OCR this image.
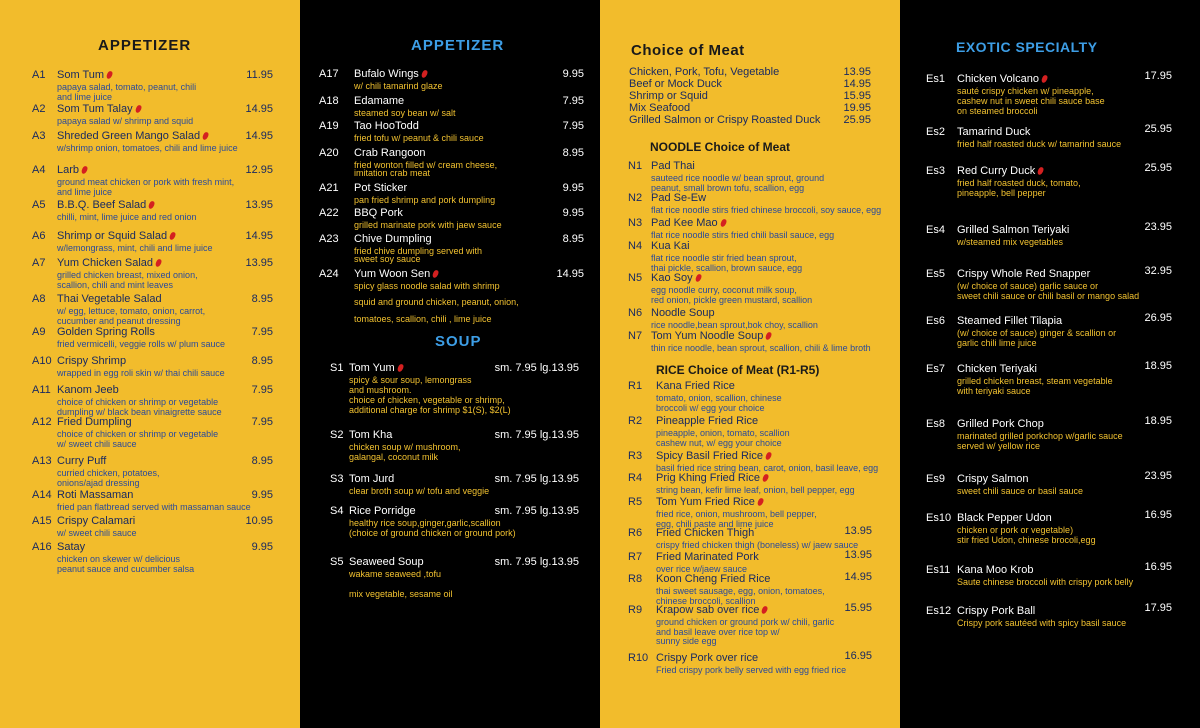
APPETIZER
A1 Som Tum	11.95
papaya salad, tomato, peanut, chili
and lime juice
A2 Som Tum Talay	14.95
papaya salad w/ shrimp and squid
A3 Shreded Green Mango Salad	14.95
w/shrimp onion, tomatoes, chili and lime juice
A4 Larb	12.95
ground meat chicken or pork with fresh mint,
and lime juice
A5 B.B.Q. Beef Salad	13.95
chilli, mint, lime juice and red onion
A6 Shrimp or Squid Salad	14.95
w/lemongrass, mint, chili and lime juice
A7 Yum Chicken Salad	13.95
grilled chicken breast, mixed onion,
scallion, chili and mint leaves
A8 Thai Vegetable Salad	8.95
w/ egg, lettuce, tomato, onion, carrot,
cucumber and peanut dressing
A9 Golden Spring Rolls	7.95
fried vermicelli, veggie rolls w/ plum sauce
A10 Crispy Shrimp	8.95
wrapped in egg roli skin w/ thai chili sauce
A11 Kanom Jeeb	7.95
choice of chicken or shrimp or vegetable
dumpling w/ black bean vinaigrette sauce
A12 Fried Dumpling	7.95
choice of chicken or shrimp or vegetable
w/ sweet chili sauce
A13 Curry Puff	8.95
curried chicken, potatoes,
onions/ajad dressing
A14 Roti Massaman	9.95
fried pan flatbread served with massaman sauce
A15 Crispy Calamari	10.95
w/ sweet chili sauce
A16 Satay	9.95
chicken on skewer w/ delicious
peanut sauce and cucumber salsa
APPETIZER
A17 Bufalo Wings	9.95
w/ chili tamarind glaze
A18 Edamame	7.95
steamed soy bean w/ salt
A19 Tao HooTodd	7.95
fried tofu w/ peanut & chili sauce
A20 Crab Rangoon	8.95
fried wonton filled w/ cream cheese,
imitation crab meat
A21 Pot Sticker	9.95
pan fried shrimp and pork dumpling
A22 BBQ Pork	9.95
grilled marinate pork with jaew sauce
A23 Chive Dumpling	8.95
fried chive dumpling served with
sweet soy sauce
A24 Yum Woon Sen	14.95
spicy glass noodle salad with shrimp
squid and ground chicken, peanut, onion,
tomatoes, scallion, chili , lime juice
SOUP
S1 Tom Yum	sm. 7.95 lg.13.95
spicy & sour soup, lemongrass
and mushroom.
choice of chicken, vegetable or shrimp,
additional charge for shrimp $1(S), $2(L)
S2 Tom Kha	sm. 7.95 lg.13.95
chicken soup w/ mushroom,
galangal, coconut milk
S3 Tom Jurd	sm. 7.95 lg.13.95
clear broth soup w/ tofu and veggie
S4 Rice Porridge	sm. 7.95 lg.13.95
healthy rice soup,ginger,garlic,scallion
(choice of ground chicken or ground pork)
S5 Seaweed Soup	sm. 7.95 lg.13.95
wakame seaweed ,tofu
mix vegetable, sesame oil
Choice of Meat
Chicken, Pork, Tofu, Vegetable	13.95
Beef or Mock Duck	14.95
Shrimp or Squid	15.95
Mix Seafood	19.95
Grilled Salmon or Crispy Roasted Duck 25.95
NOODLE Choice of Meat
N1 Pad Thai
sauteed rice noodle w/ bean sprout, ground
peanut, small brown tofu, scallion, egg
N2 Pad Se-Ew
flat rice noodle stirs fried chinese broccoli, soy sauce, egg
N3 Pad Kee Mao
flat rice noodle stirs fried chili basil sauce, egg
N4 Kua Kai
flat rice noodle stir fried bean sprout,
thai pickle, scallion, brown sauce, egg
N5 Kao Soy
egg noodle curry, coconut milk soup,
red onion, pickle green mustard, scallion
N6 Noodle Soup
rice noodle,bean sprout,bok choy, scallion
N7 Tom Yum Noodle Soup
thin rice noodle, bean sprout, scallion, chili & lime broth
RICE Choice of Meat (R1-R5)
R1 Kana Fried Rice
tomato, onion, scallion, chinese
broccoli w/ egg your choice
R2 Pineapple Fried Rice
pineapple, onion, tomato, scallion
cashew nut, w/ egg your choice
R3 Spicy Basil Fried Rice
basil fried rice string bean, carot, onion, basil leave, egg
R4 Prig Khing Fried Rice
string bean, kefir lime leaf, onion, bell pepper, egg
R5 Tom Yum Fried Rice
fried rice, onion, mushroom, bell pepper,
egg, chili paste and lime juice
R6 Fried Chicken Thigh	13.95
crispy fried chicken thigh (boneless) w/ jaew sauce
R7 Fried Marinated Pork	13.95
over rice w/jaew sauce
R8 Koon Cheng Fried Rice	14.95
thai sweet sausage, egg, onion, tomatoes,
chinese broccoli, scallion
R9 Krapow sab over rice	15.95
ground chicken or ground pork w/ chili, garlic
and basil leave over rice top w/
sunny side egg
R10 Crispy Pork over rice	16.95
Fried crispy pork belly served with egg fried rice
EXOTIC SPECIALTY
Es1 Chicken Volcano	17.95
sauté crispy chicken w/ pineapple,
cashew nut in sweet chili sauce base
on steamed broccoli
Es2 Tamarind Duck	25.95
fried half roasted duck w/ tamarind sauce
Es3 Red Curry Duck	25.95
fried half roasted duck, tomato,
pineapple, bell pepper
Es4 Grilled Salmon Teriyaki	23.95
w/steamed mix vegetables
Es5 Crispy Whole Red Snapper	32.95
(w/ choice of sauce) garlic sauce or
sweet chili sauce or chili basil or mango salad
Es6 Steamed Fillet Tilapia	26.95
(w/ choice of sauce) ginger & scallion or
garlic chili lime juice
Es7 Chicken Teriyaki	18.95
grilled chicken breast, steam vegetable
with teriyaki sauce
Es8 Grilled Pork Chop	18.95
marinated grilled porkchop w/garlic sauce
served w/ yellow rice
Es9 Crispy Salmon	23.95
sweet chili sauce or basil sauce
Es10 Black Pepper Udon	16.95
chicken or pork or vegetable)
stir fried Udon, chinese brocoli,egg
Es11 Kana Moo Krob	16.95
Saute chinese broccoli with crispy pork belly
Es12 Crispy Pork Ball	17.95
Crispy pork sautéed with spicy basil sauce
